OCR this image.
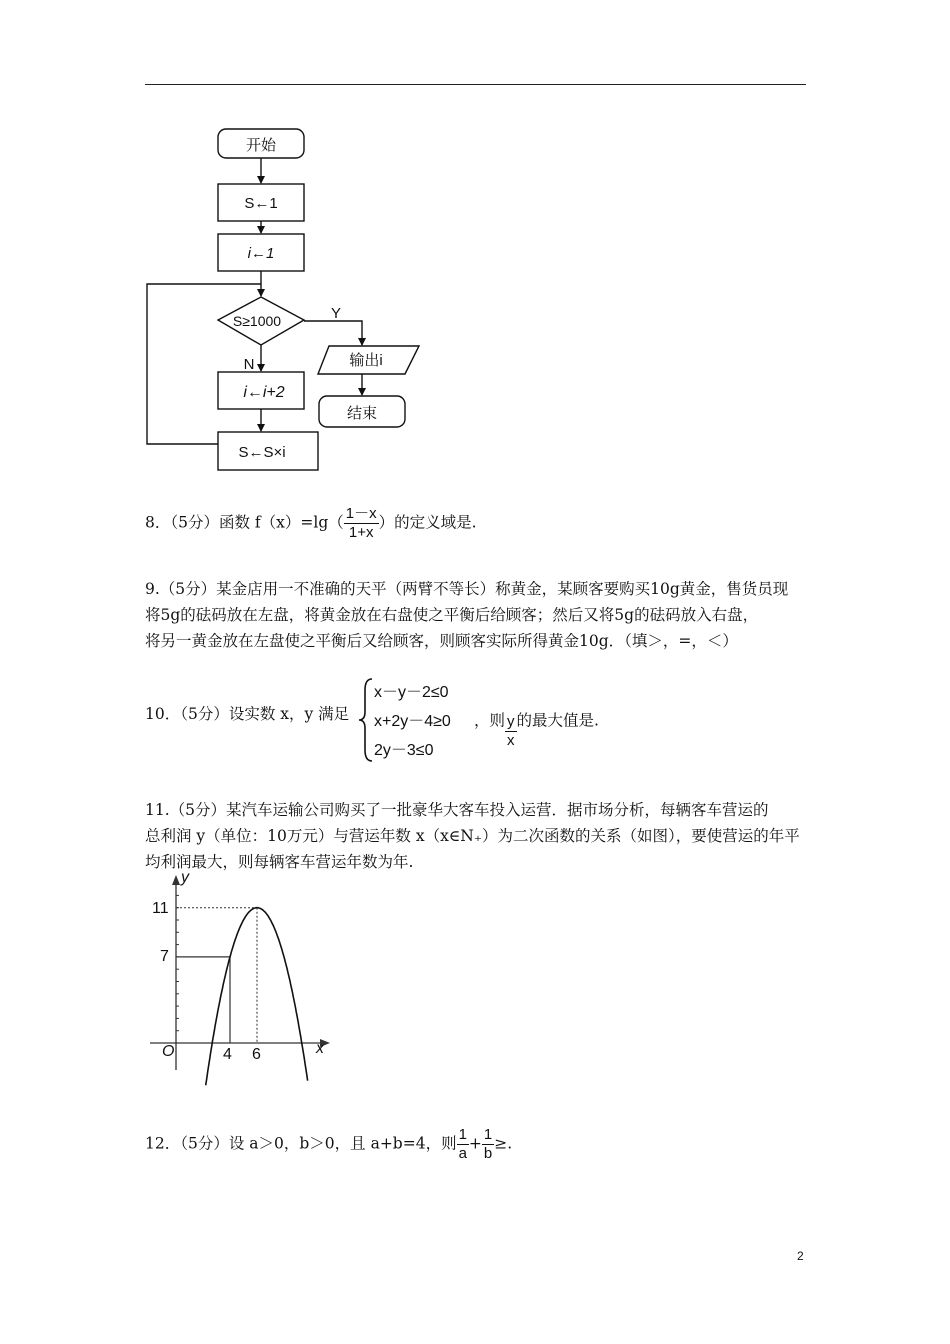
开始
S←1
i←1
S≥1000	Y
N	输出i
结束
i←i+2
S←S×i
8．（5分）函数 $f(x)=\lg( \frac{1-x}{1+x}$ ）的定义域是.
9.（5分）某金店用一不准确的天平（两臂不等长）称黄金，某顾客要购买10g黄金，售货员现
将5g的砝码放在左盘，将黄金放在右盘使之平衡后给顾客；然后又将5g的砝码放入右盘，
将另一黄金放在左盘使之平衡后又给顾客，则顾客实际所得黄金10g．（填＞，=，＜）
10．（5分）设实数 x，y 满足
x－y－2≤0
x+2y－4≥0
2y－3≤0
，则 $\frac{y}{x}$ 的最大值是.
11.（5分）某汽车运输公司购买了一批豪华大客车投入运营．据市场分析，每辆客车营运的
总利润 y（单位：10万元）与营运年数 x（x∈N₊）为二次函数的关系（如图），要使营运的年平
均利润最大，则每辆客车营运年数为年.
y
x
O
11
7
4 6
12．（5分）设 a＞0，b＞0，且 a+b=4，则 $\frac{1}{a} + \frac{1}{b}$ ≥.
2
